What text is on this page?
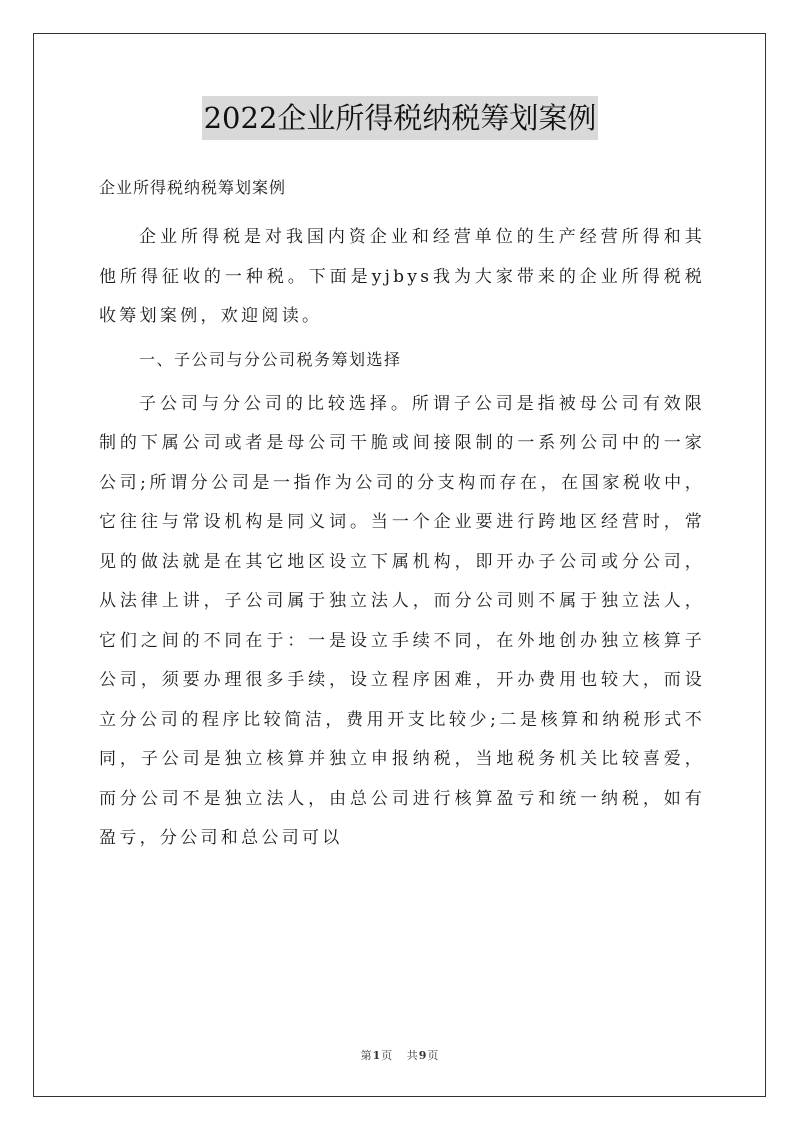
2022企业所得税纳税筹划案例
企业所得税纳税筹划案例

企业所得税是对我国内资企业和经营单位的生产经营所得和其他所得征收的一种税。下面是yjbys我为大家带来的企业所得税税收筹划案例，欢迎阅读。

一、子公司与分公司税务筹划选择

子公司与分公司的比较选择。所谓子公司是指被母公司有效限制的下属公司或者是母公司干脆或间接限制的一系列公司中的一家公司;所谓分公司是一指作为公司的分支构而存在，在国家税收中，它往往与常设机构是同义词。当一个企业要进行跨地区经营时，常见的做法就是在其它地区设立下属机构，即开办子公司或分公司，从法律上讲，子公司属于独立法人，而分公司则不属于独立法人，它们之间的不同在于：一是设立手续不同，在外地创办独立核算子公司，须要办理很多手续，设立程序困难，开办费用也较大，而设立分公司的程序比较简洁，费用开支比较少;二是核算和纳税形式不同，子公司是独立核算并独立申报纳税，当地税务机关比较喜爱，而分公司不是独立法人，由总公司进行核算盈亏和统一纳税，如有盈亏，分公司和总公司可以

第1页 共9页
